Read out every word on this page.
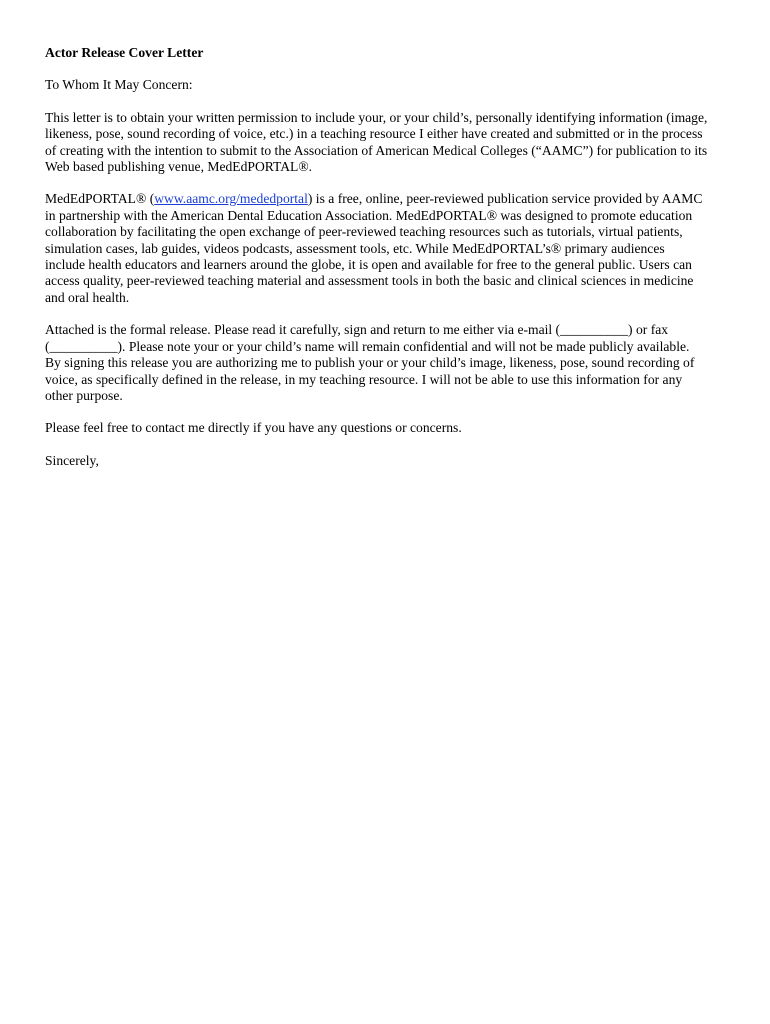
Actor Release Cover Letter

To Whom It May Concern:

This letter is to obtain your written permission to include your, or your child’s, personally identifying information (image,
likeness, pose, sound recording of voice, etc.) in a teaching resource I either have created and submitted or in the process
of creating with the intention to submit to the Association of American Medical Colleges (“AAMC”) for publication to its
Web based publishing venue, MedEdPORTAL®.

MedEdPORTAL® (www.aamc.org/mededportal) is a free, online, peer-reviewed publication service provided by AAMC
in partnership with the American Dental Education Association. MedEdPORTAL® was designed to promote education
collaboration by facilitating the open exchange of peer-reviewed teaching resources such as tutorials, virtual patients,
simulation cases, lab guides, videos podcasts, assessment tools, etc. While MedEdPORTAL’s® primary audiences
include health educators and learners around the globe, it is open and available for free to the general public. Users can
access quality, peer-reviewed teaching material and assessment tools in both the basic and clinical sciences in medicine
and oral health.

Attached is the formal release. Please read it carefully, sign and return to me either via e-mail (__________) or fax
(__________). Please note your or your child’s name will remain confidential and will not be made publicly available.
By signing this release you are authorizing me to publish your or your child’s image, likeness, pose, sound recording of
voice, as specifically defined in the release, in my teaching resource. I will not be able to use this information for any
other purpose.

Please feel free to contact me directly if you have any questions or concerns.

Sincerely,
